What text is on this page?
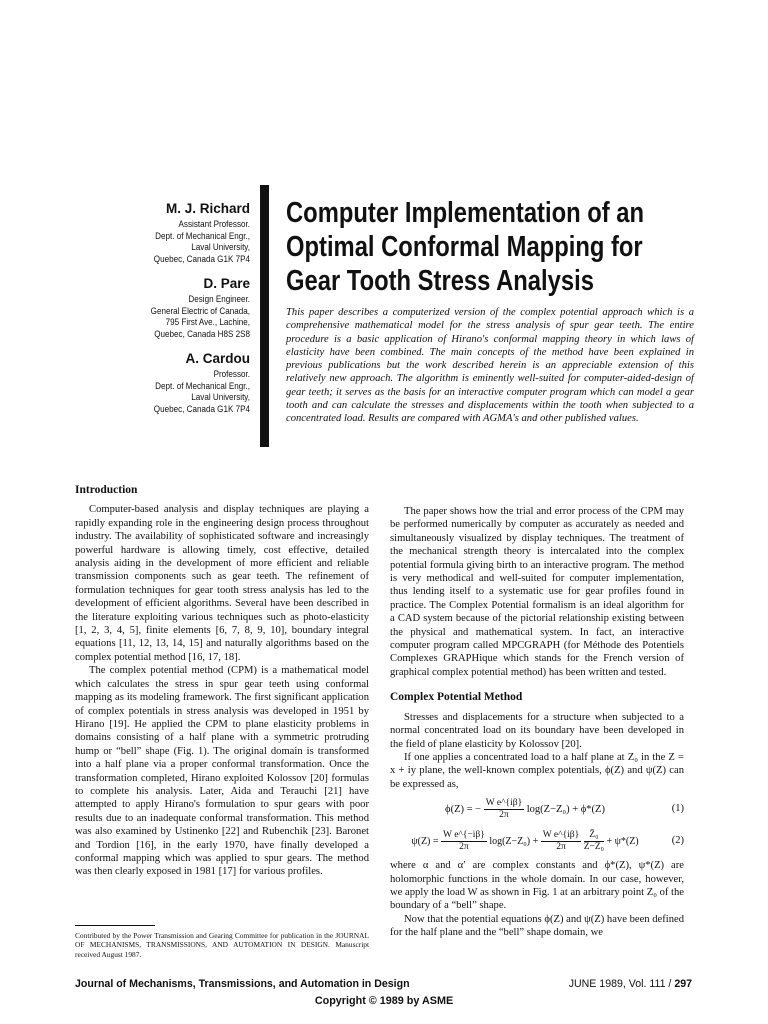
M. J. Richard
Assistant Professor.
Dept. of Mechanical Engr.,
Laval University,
Quebec, Canada G1K 7P4
D. Pare
Design Engineer.
General Electric of Canada,
795 First Ave., Lachine,
Quebec, Canada H8S 2S8
A. Cardou
Professor.
Dept. of Mechanical Engr.,
Laval University,
Quebec, Canada G1K 7P4
Computer Implementation of an
Optimal Conformal Mapping for
Gear Tooth Stress Analysis
This paper describes a computerized version of the complex potential approach which is a comprehensive mathematical model for the stress analysis of spur gear teeth. The entire procedure is a basic application of Hirano's conformal mapping theory in which laws of elasticity have been combined. The main concepts of the method have been explained in previous publications but the work described herein is an appreciable extension of this relatively new approach. The algorithm is eminently well-suited for computer-aided-design of gear teeth; it serves as the basis for an interactive computer program which can model a gear tooth and can calculate the stresses and displacements within the tooth when subjected to a concentrated load. Results are compared with AGMA's and other published values.
Introduction

Computer-based analysis and display techniques are playing a rapidly expanding role in the engineering design process throughout industry. The availability of sophisticated software and increasingly powerful hardware is allowing timely, cost effective, detailed analysis aiding in the development of more efficient and reliable transmission components such as gear teeth. The refinement of formulation techniques for gear tooth stress analysis has led to the development of efficient algorithms. Several have been described in the literature exploiting various techniques such as photo-elasticity [1, 2, 3, 4, 5], finite elements [6, 7, 8, 9, 10], boundary integral equations [11, 12, 13, 14, 15] and naturally algorithms based on the complex potential method [16, 17, 18].

The complex potential method (CPM) is a mathematical model which calculates the stress in spur gear teeth using conformal mapping as its modeling framework. The first significant application of complex potentials in stress analysis was developed in 1951 by Hirano [19]. He applied the CPM to plane elasticity problems in domains consisting of a half plane with a symmetric protruding hump or “bell” shape (Fig. 1). The original domain is transformed into a half plane via a proper conformal transformation. Once the transformation completed, Hirano exploited Kolossov [20] formulas to complete his analysis. Later, Aida and Terauchi [21] have attempted to apply Hirano's formulation to spur gears with poor results due to an inadequate conformal transformation. This method was also examined by Ustinenko [22] and Rubenchik [23]. Baronet and Tordion [16], in the early 1970, have finally developed a conformal mapping which was applied to spur gears. The method was then clearly exposed in 1981 [17] for various profiles.

The paper shows how the trial and error process of the CPM may be performed numerically by computer as accurately as needed and simultaneously visualized by display techniques. The treatment of the mechanical strength theory is intercalated into the complex potential formula giving birth to an interactive program. The method is very methodical and well-suited for computer implementation, thus lending itself to a systematic use for gear profiles found in practice. The Complex Potential formalism is an ideal algorithm for a CAD system because of the pictorial relationship existing between the physical and mathematical system. In fact, an interactive computer program called MPCGRAPH (for Méthode des Potentiels Complexes GRAPHique which stands for the French version of graphical complex potential method) has been written and tested.

Complex Potential Method

Stresses and displacements for a structure when subjected to a normal concentrated load on its boundary have been developed in the field of plane elasticity by Kolossov [20].

If one applies a concentrated load to a half plane at Z₀ in the Z = x + iy plane, the well-known complex potentials, ϕ(Z) and ψ(Z) can be expressed as,

ϕ(Z) = − $\frac{\text{W e\textasciicircum{}\{iβ\}}}{2\pi} \log(Z-Z_0) + \phi*(Z)$	(1)
$\psi(Z) = \frac{\text{W e\textasciicircum{}\{−iβ\}}}{2\pi} \log(Z-Z_0) + \frac{\text{W e\textasciicircum{}\{iβ\}}}{2\pi}$
$\frac{\text{Z̄₀}}{\text{Z−Z₀}} + \psi*(Z)$	(2)

where α and α′ are complex constants and ϕ*(Z), ψ*(Z) are holomorphic functions in the whole domain. In our case, however, we apply the load W as shown in Fig. 1 at an arbitrary point Z₀ of the boundary of a “bell” shape.

Now that the potential equations ϕ(Z) and ψ(Z) have been defined for the half plane and the “bell” shape domain, we

Contributed by the Power Transmission and Gearing Committee for publication in the JOURNAL OF MECHANISMS, TRANSMISSIONS, AND AUTOMATION IN DESIGN. Manuscript received August 1987.
Journal of Mechanisms, Transmissions, and Automation in Design	JUNE 1989, Vol. 111 / 297
Copyright © 1989 by ASME
